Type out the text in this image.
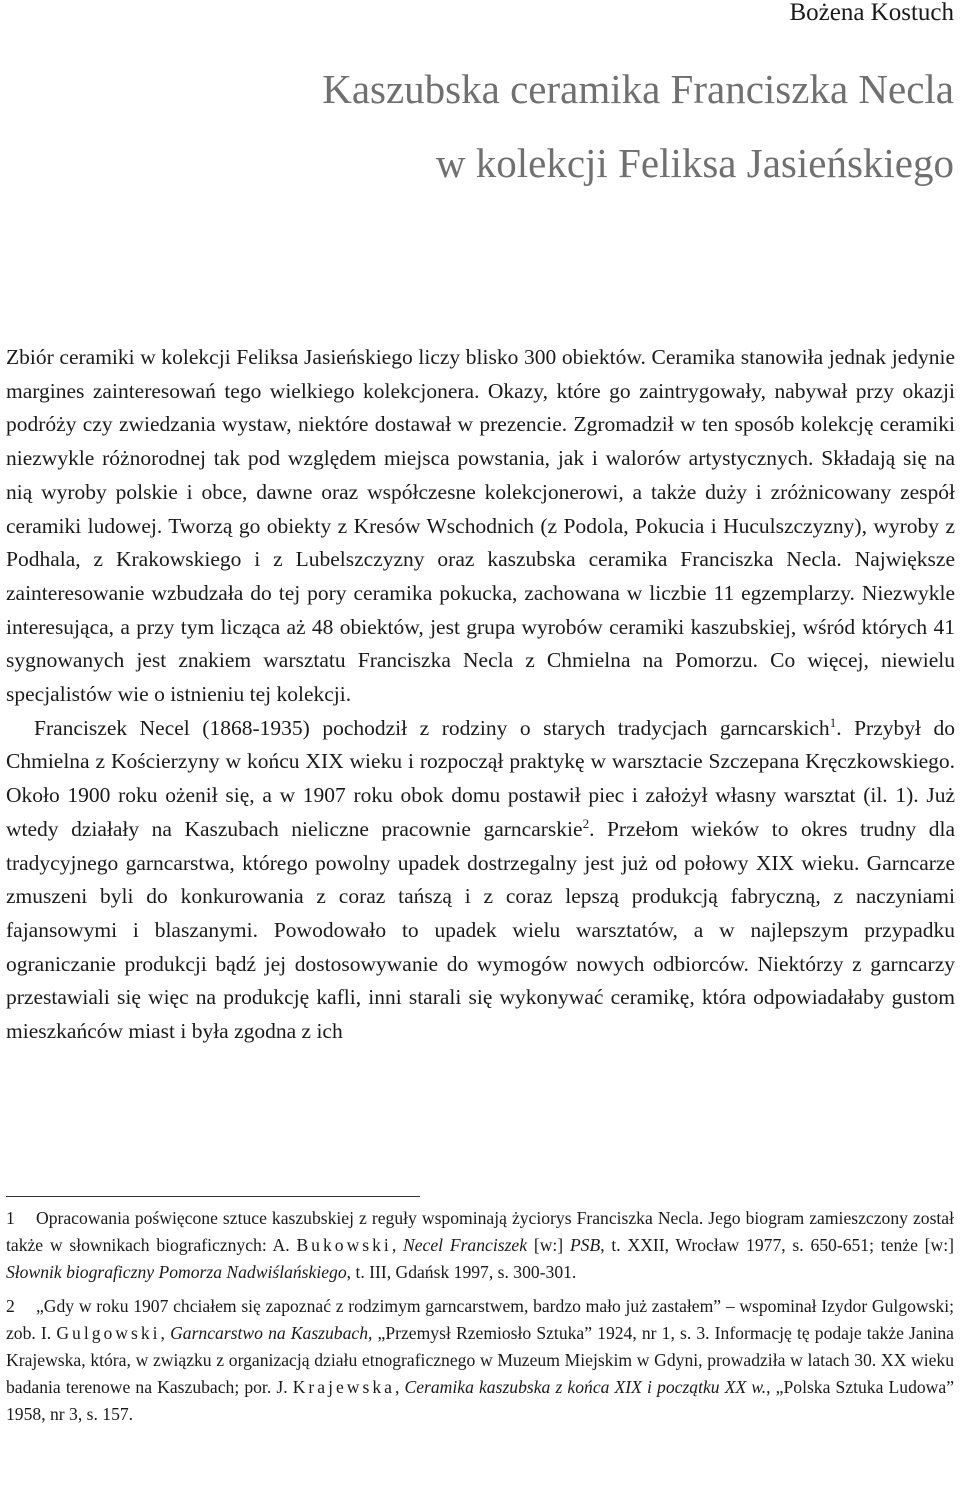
Bożena Kostuch
Kaszubska ceramika Franciszka Necla
w kolekcji Feliksa Jasieńskiego

Zbiór ceramiki w kolekcji Feliksa Jasieńskiego liczy blisko 300 obiektów. Ceramika stanowiła jednak jedynie margines zainteresowań tego wielkiego kolekcjonera. Okazy, które go zaintrygowały, nabywał przy okazji podróży czy zwiedzania wystaw, niektóre dostawał w prezencie. Zgromadził w ten sposób kolekcję ceramiki niezwykle różnorodnej tak pod względem miejsca powstania, jak i walorów artystycznych. Składają się na nią wyroby polskie i obce, dawne oraz współczesne kolekcjonerowi, a także duży i zróżnicowany zespół ceramiki ludowej. Tworzą go obiekty z Kresów Wschodnich (z Podola, Pokucia i Huculszczyzny), wyroby z Podhala, z Krakowskiego i z Lubelszczyzny oraz kaszubska ceramika Franciszka Necla. Największe zainteresowanie wzbudzała do tej pory ceramika pokucka, zachowana w liczbie 11 egzemplarzy. Niezwykle interesująca, a przy tym licząca aż 48 obiektów, jest grupa wyrobów ceramiki kaszubskiej, wśród których 41 sygnowanych jest znakiem warsztatu Franciszka Necla z Chmielna na Pomorzu. Co więcej, niewielu specjalistów wie o istnieniu tej kolekcji.

Franciszek Necel (1868-1935) pochodził z rodziny o starych tradycjach garncarskich$^1$. Przybył do Chmielna z Kościerzyny w końcu XIX wieku i rozpoczął praktykę w warsztacie Szczepana Kręczkowskiego. Około 1900 roku ożenił się, a w 1907 roku obok domu postawił piec i założył własny warsztat (il. 1). Już wtedy działały na Kaszubach nieliczne pracownie garncarskie$^2$. Przełom wieków to okres trudny dla tradycyjnego garncarstwa, którego powolny upadek dostrzegalny jest już od połowy XIX wieku. Garncarze zmuszeni byli do konkurowania z coraz tańszą i z coraz lepszą produkcją fabryczną, z naczyniami fajansowymi i blaszanymi. Powodowało to upadek wielu warsztatów, a w najlepszym przypadku ograniczanie produkcji bądź jej dostosowywanie do wymogów nowych odbiorców. Niektórzy z garncarzy przestawiali się więc na produkcję kafli, inni starali się wykonywać ceramikę, która odpowiadałaby gustom mieszkańców miast i była zgodna z ich

1 Opracowania poświęcone sztuce kaszubskiej z reguły wspominają życiorys Franciszka Necla. Jego biogram zamieszczony został także w słownikach biograficznych: A. Bukowski, Necel Franciszek [w:] PSB, t. XXII, Wrocław 1977, s. 650-651; tenże [w:] Słownik biograficzny Pomorza Nadwiślańskiego, t. III, Gdańsk 1997, s. 300-301.

2 „Gdy w roku 1907 chciałem się zapoznać z rodzimym garncarstwem, bardzo mało już zastałem” – wspominał Izydor Gulgowski; zob. I. Gulgowski, Garncarstwo na Kaszubach, „Przemysł Rzemiosło Sztuka” 1924, nr 1, s. 3. Informację tę podaje także Janina Krajewska, która, w związku z organizacją działu etnograficznego w Muzeum Miejskim w Gdyni, prowadziła w latach 30. XX wieku badania terenowe na Kaszubach; por. J. Krajewska, Ceramika kaszubska z końca XIX i początku XX w., „Polska Sztuka Ludowa” 1958, nr 3, s. 157.
